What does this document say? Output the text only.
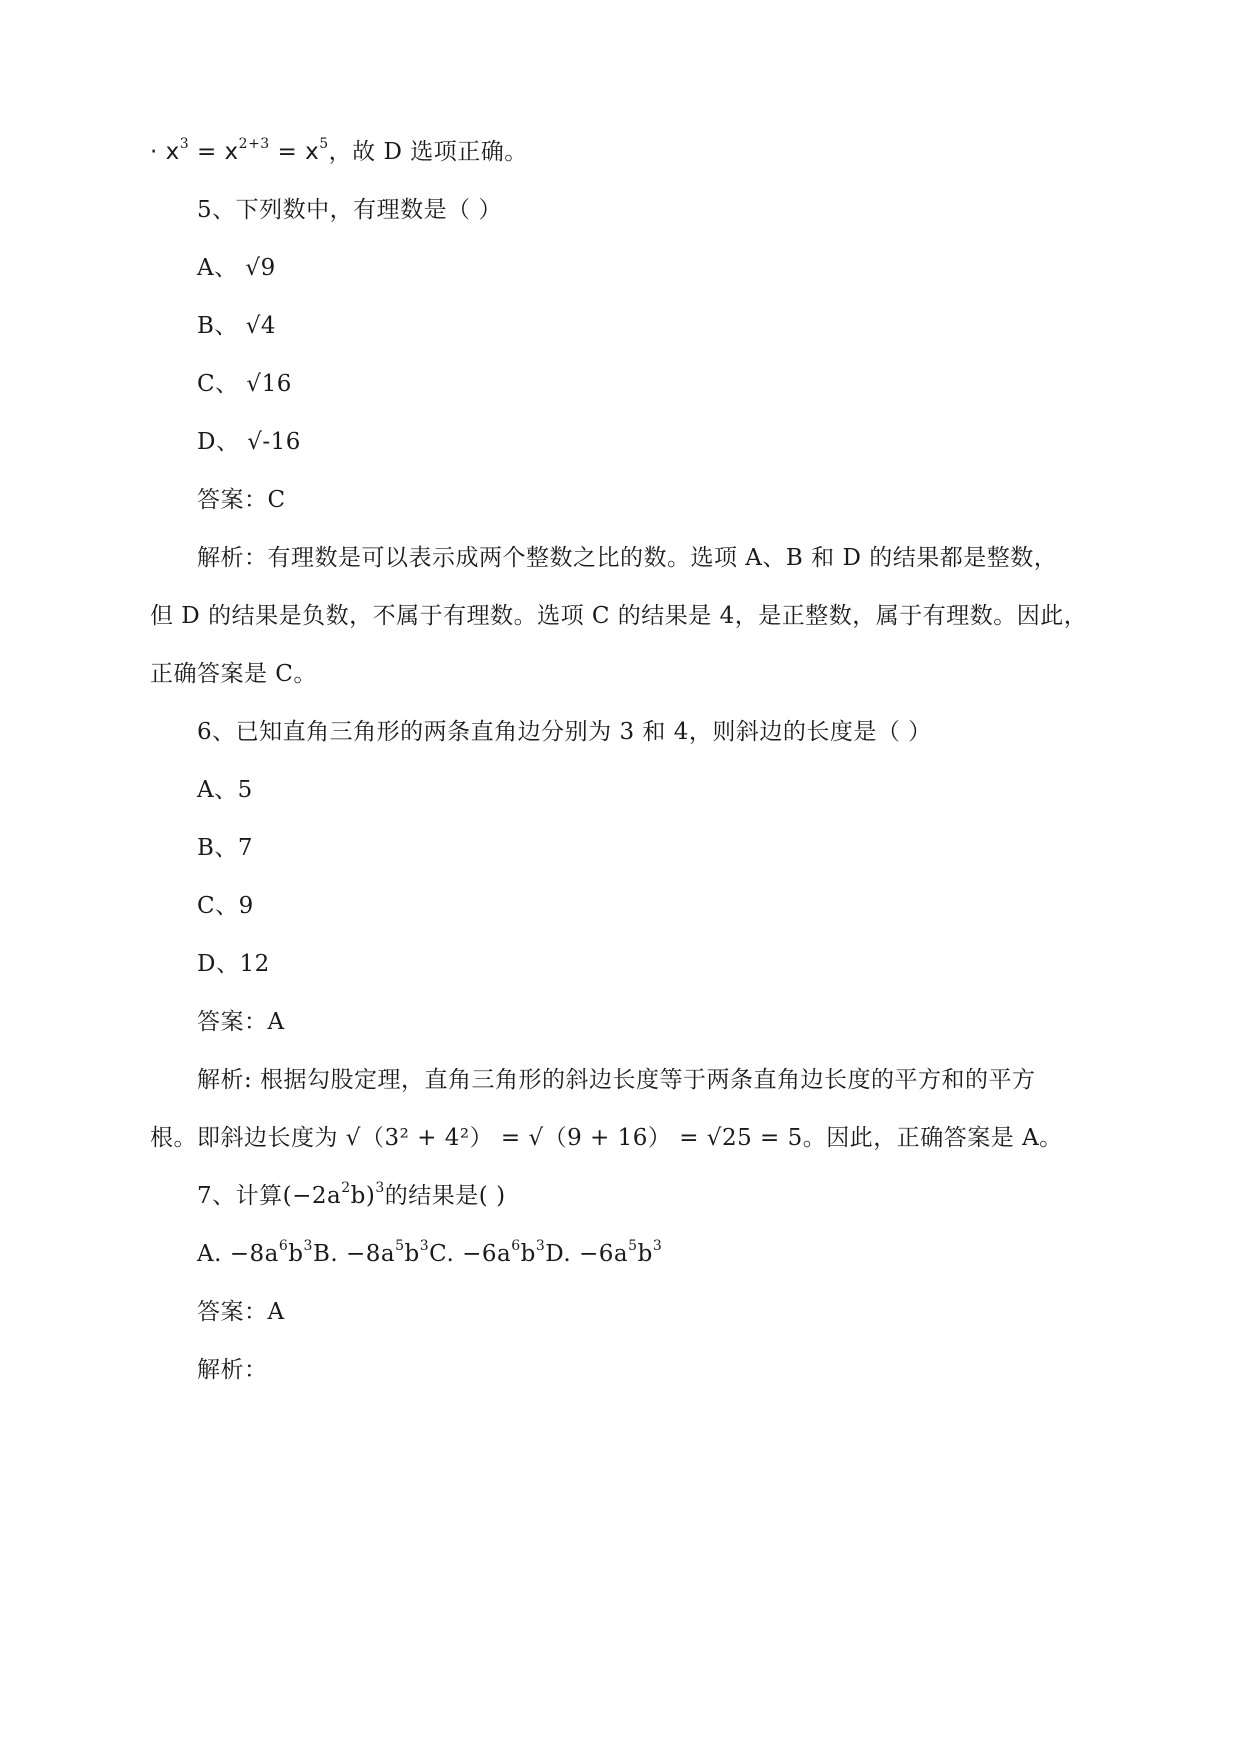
· $x^3 = x^{2+3} = x^5$，故 D 选项正确。
5、下列数中，有理数是（ ）
A、 √9
B、 √4
C、 √16
D、 √-16
答案：C
解析：有理数是可以表示成两个整数之比的数。选项 A、B 和 D 的结果都是整数，
但 D 的结果是负数，不属于有理数。选项 C 的结果是 4，是正整数，属于有理数。因此，
正确答案是 C。
6、已知直角三角形的两条直角边分别为 3 和 4，则斜边的长度是（ ）
A、5
B、7
C、9
D、12
答案：A
解析: 根据勾股定理，直角三角形的斜边长度等于两条直角边长度的平方和的平方
根。即斜边长度为 √（3² + 4²） = √（9 + 16） = √25 = 5。因此，正确答案是 A。
7、计算$(-2a^2b)^3$的结果是( )
A. $-8a^6b^3B$. $-8a^5b^3C$. $-6a^6b^3D$. $-6a^5b^3$
答案：A
解析：
